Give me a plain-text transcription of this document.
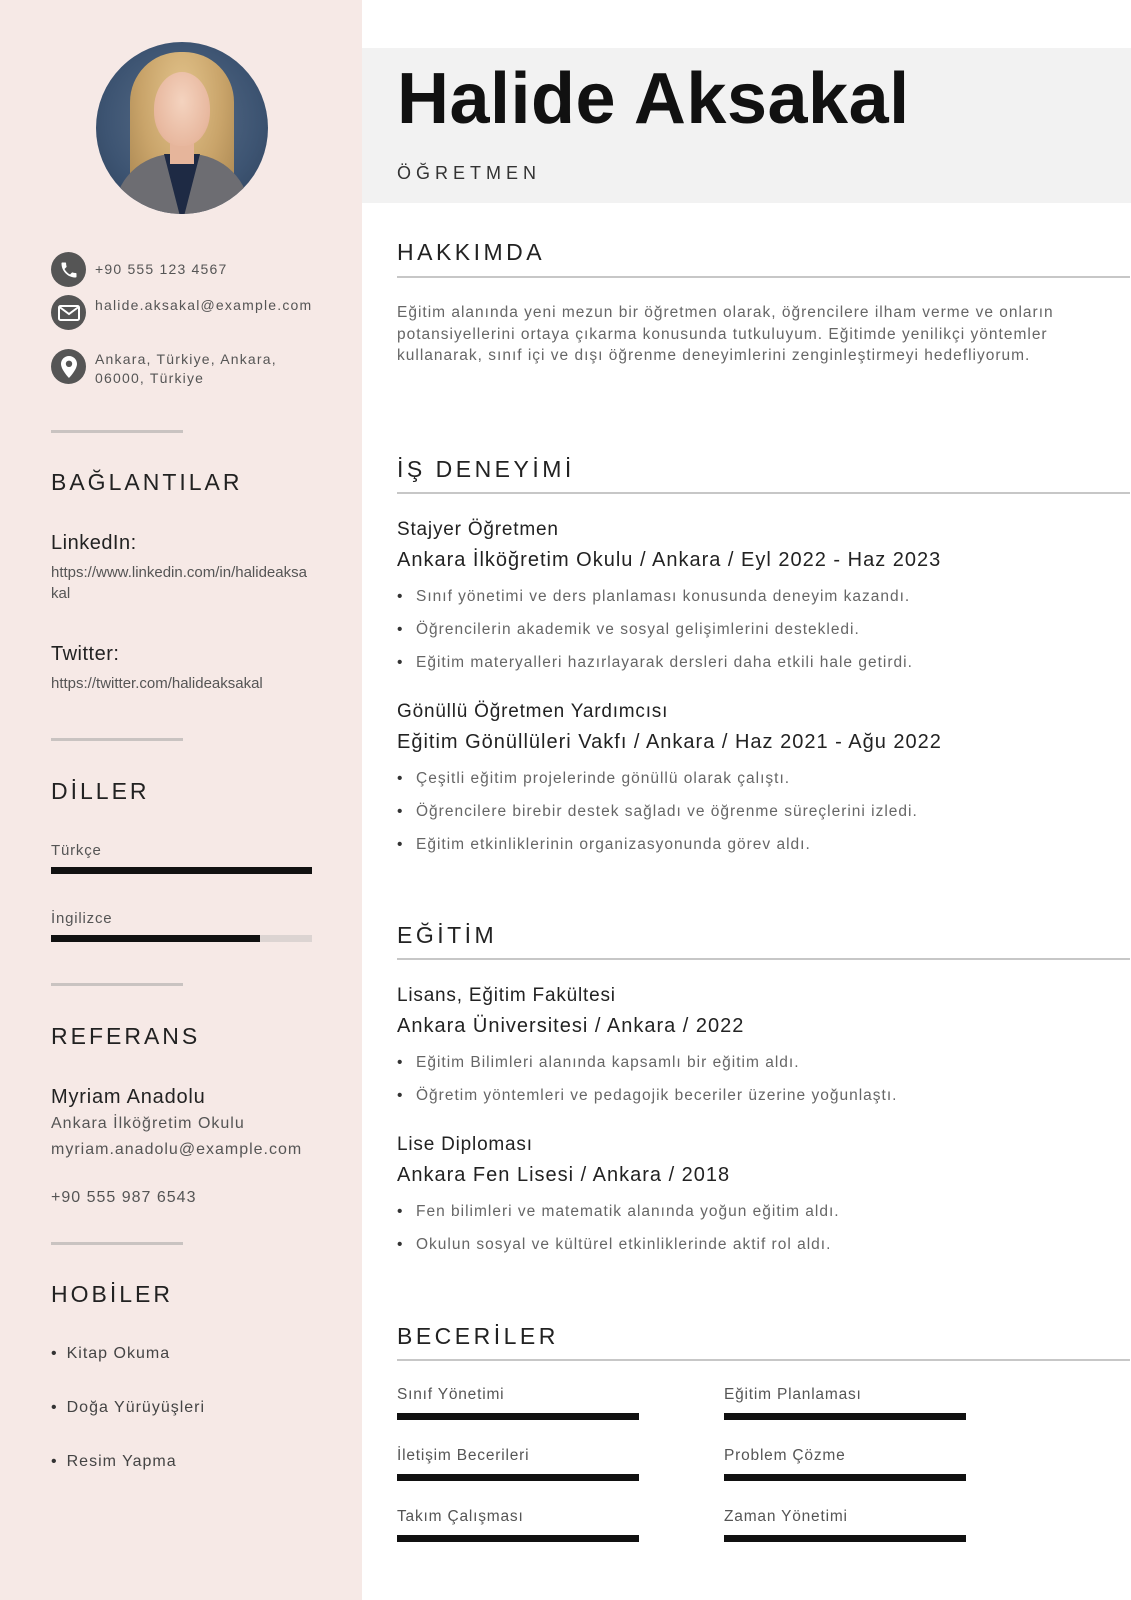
+90 555 123 4567
halide.aksakal@example.com
Ankara, Türkiye, Ankara, 06000, Türkiye
BAĞLANTILAR
LinkedIn:
https://www.linkedin.com/in/halideaksakal
Twitter:
https://twitter.com/halideaksakal
DİLLER
Türkçe
İngilizce
REFERANS
Myriam Anadolu
Ankara İlköğretim Okulu
myriam.anadolu@example.com
+90 555 987 6543
HOBİLER
• Kitap Okuma
• Doğa Yürüyüşleri
• Resim Yapma
Halide Aksakal
ÖĞRETMEN
HAKKIMDA
Eğitim alanında yeni mezun bir öğretmen olarak, öğrencilere ilham verme ve onların potansiyellerini ortaya çıkarma konusunda tutkuluyum. Eğitimde yenilikçi yöntemler kullanarak, sınıf içi ve dışı öğrenme deneyimlerini zenginleştirmeyi hedefliyorum.
İŞ DENEYİMİ
Stajyer Öğretmen
Ankara İlköğretim Okulu / Ankara / Eyl 2022 - Haz 2023
• Sınıf yönetimi ve ders planlaması konusunda deneyim kazandı.
• Öğrencilerin akademik ve sosyal gelişimlerini destekledi.
• Eğitim materyalleri hazırlayarak dersleri daha etkili hale getirdi.
Gönüllü Öğretmen Yardımcısı
Eğitim Gönüllüleri Vakfı / Ankara / Haz 2021 - Ağu 2022
• Çeşitli eğitim projelerinde gönüllü olarak çalıştı.
• Öğrencilere birebir destek sağladı ve öğrenme süreçlerini izledi.
• Eğitim etkinliklerinin organizasyonunda görev aldı.
EĞİTİM
Lisans, Eğitim Fakültesi
Ankara Üniversitesi / Ankara / 2022
• Eğitim Bilimleri alanında kapsamlı bir eğitim aldı.
• Öğretim yöntemleri ve pedagojik beceriler üzerine yoğunlaştı.
Lise Diploması
Ankara Fen Lisesi / Ankara / 2018
• Fen bilimleri ve matematik alanında yoğun eğitim aldı.
• Okulun sosyal ve kültürel etkinliklerinde aktif rol aldı.
BECERİLER
Sınıf Yönetimi	Eğitim Planlaması
İletişim Becerileri	Problem Çözme
Takım Çalışması	Zaman Yönetimi
